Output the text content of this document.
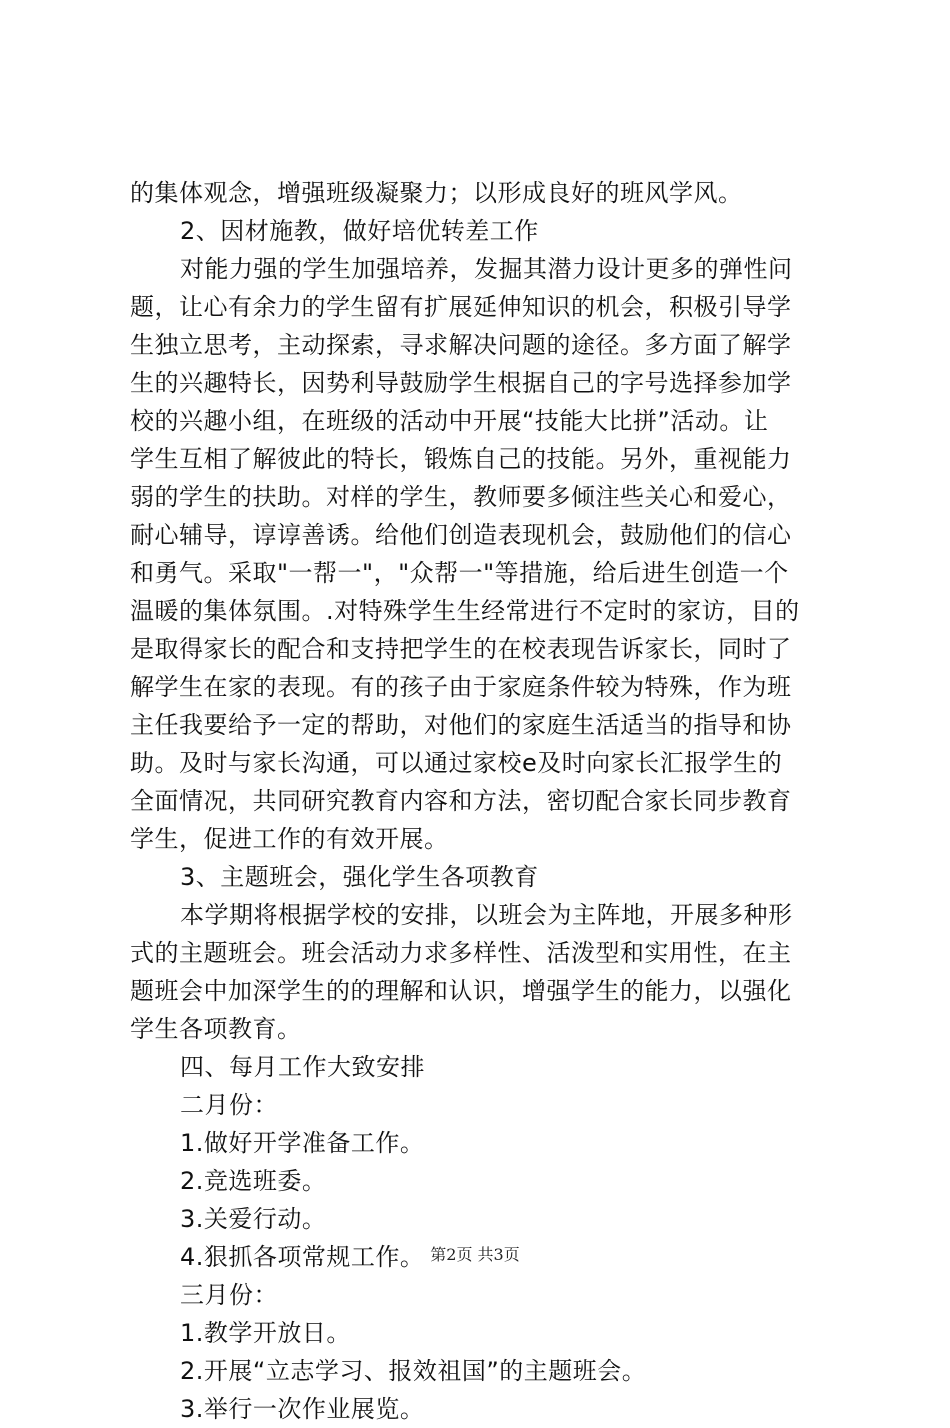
的集体观念，增强班级凝聚力；以形成良好的班风学风。
2、因材施教，做好培优转差工作
对能力强的学生加强培养，发掘其潜力设计更多的弹性问
题，让心有余力的学生留有扩展延伸知识的机会，积极引导学
生独立思考，主动探索，寻求解决问题的途径。多方面了解学
生的兴趣特长，因势利导鼓励学生根据自己的字号选择参加学
校的兴趣小组，在班级的活动中开展“技能大比拼”活动。让
学生互相了解彼此的特长，锻炼自己的技能。另外，重视能力
弱的学生的扶助。对样的学生，教师要多倾注些关心和爱心，
耐心辅导，谆谆善诱。给他们创造表现机会，鼓励他们的信心
和勇气。采取"一帮一"，"众帮一"等措施，给后进生创造一个
温暖的集体氛围。.对特殊学生生经常进行不定时的家访，目的
是取得家长的配合和支持把学生的在校表现告诉家长，同时了
解学生在家的表现。有的孩子由于家庭条件较为特殊，作为班
主任我要给予一定的帮助，对他们的家庭生活适当的指导和协
助。及时与家长沟通，可以通过家校e及时向家长汇报学生的
全面情况，共同研究教育内容和方法，密切配合家长同步教育
学生，促进工作的有效开展。
3、主题班会，强化学生各项教育
本学期将根据学校的安排，以班会为主阵地，开展多种形
式的主题班会。班会活动力求多样性、活泼型和实用性，在主
题班会中加深学生的的理解和认识，增强学生的能力，以强化
学生各项教育。
四、每月工作大致安排
二月份：
1.做好开学准备工作。
2.竞选班委。
3.关爱行动。
4.狠抓各项常规工作。
三月份：
1.教学开放日。
2.开展“立志学习、报效祖国”的主题班会。
3.举行一次作业展览。
第2页 共3页
